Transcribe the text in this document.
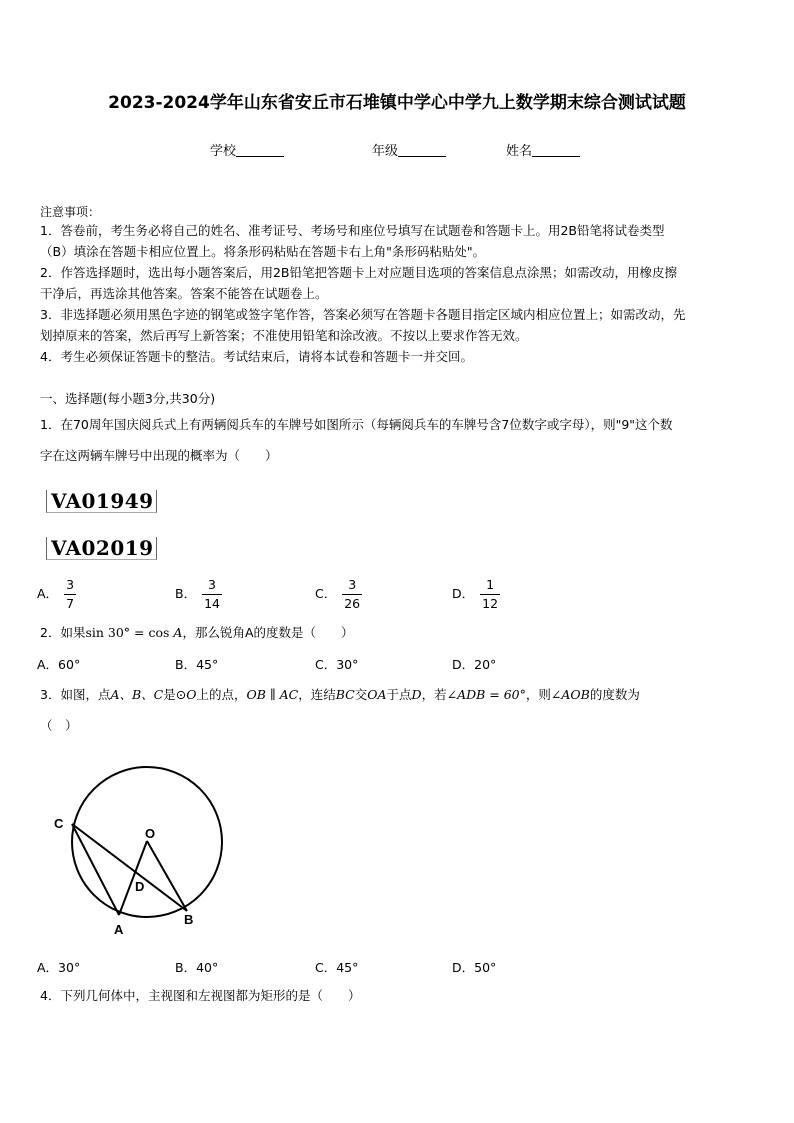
2023-2024学年山东省安丘市石堆镇中学心中学九上数学期末综合测试试题
学校	年级	姓名
注意事项：

1．答卷前，考生务必将自己的姓名、准考证号、考场号和座位号填写在试题卷和答题卡上。用2B铅笔将试卷类型

（B）填涂在答题卡相应位置上。将条形码粘贴在答题卡右上角"条形码粘贴处"。

2．作答选择题时，选出每小题答案后，用2B铅笔把答题卡上对应题目选项的答案信息点涂黑；如需改动，用橡皮擦

干净后，再选涂其他答案。答案不能答在试题卷上。

3．非选择题必须用黑色字迹的钢笔或签字笔作答，答案必须写在答题卡各题目指定区域内相应位置上；如需改动，先

划掉原来的答案，然后再写上新答案；不准使用铅笔和涂改液。不按以上要求作答无效。

4．考生必须保证答题卡的整洁。考试结束后，请将本试卷和答题卡一并交回。

一、选择题(每小题3分,共30分)
1．在70周年国庆阅兵式上有两辆阅兵车的车牌号如图所示（每辆阅兵车的车牌号含7位数字或字母），则"9"这个数
字在这两辆车牌号中出现的概率为（　　）
VA01949
VA02019
A． $\frac{3}{7}$	B． $\frac{3}{14}$	C． $\frac{3}{26}$	D． $\frac{1}{12}$
2．如果sin 30° = cos A，那么锐角A的度数是（　　）
A．60°	B．45°	C．30°	D．20°
3．如图，点A、B、C是⊙O上的点，OB ∥ AC，连结BC交OA于点D，若∠ADB = 60°，则∠AOB的度数为
（　）
C
O
D
A
B
A．30°	B．40°	C．45°	D．50°
4．下列几何体中，主视图和左视图都为矩形的是（　　）
